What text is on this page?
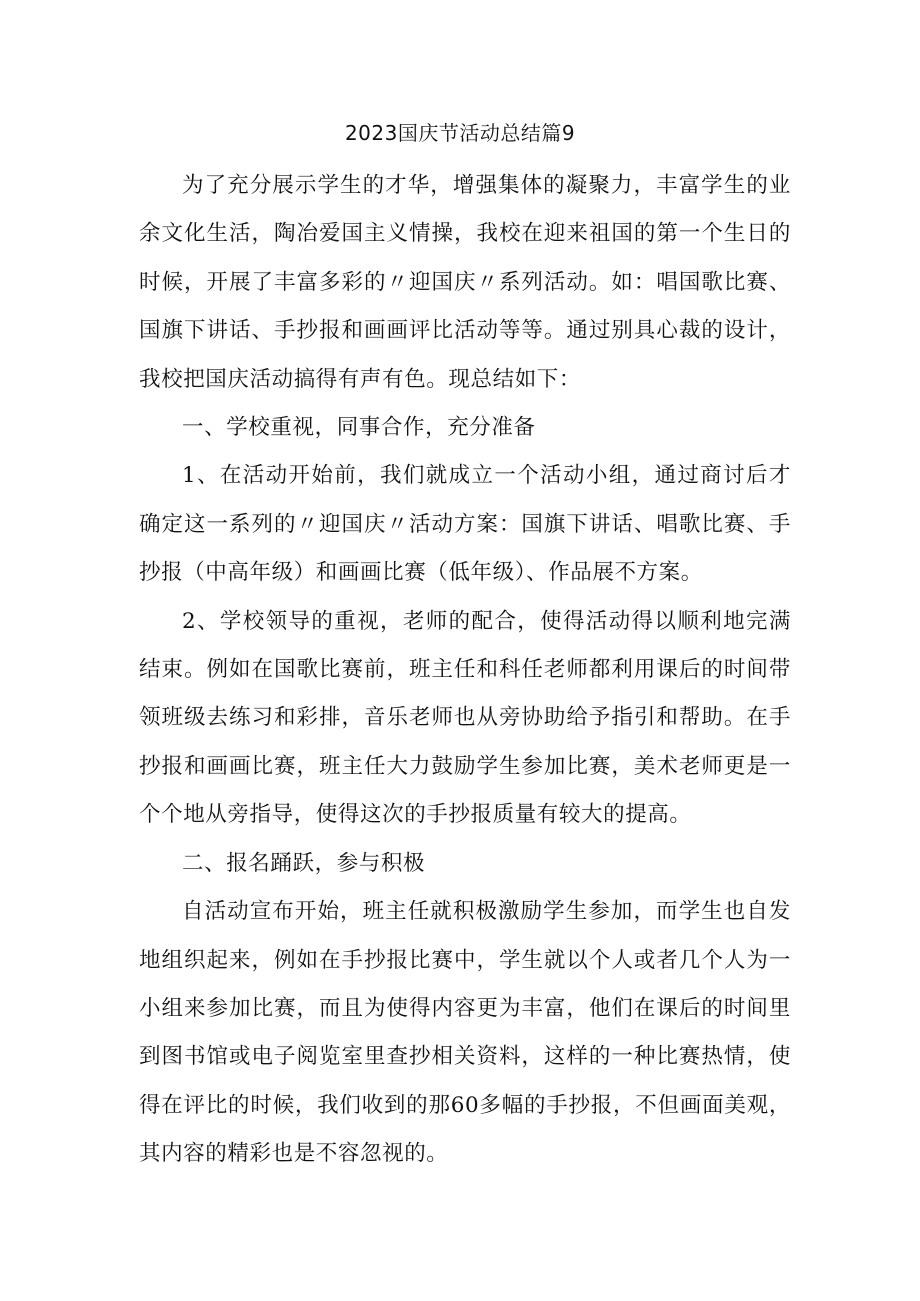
2023国庆节活动总结篇9

为了充分展示学生的才华，增强集体的凝聚力，丰富学生的业余文化生活，陶冶爱国主义情操，我校在迎来祖国的第一个生日的时候，开展了丰富多彩的〃迎国庆〃系列活动。如：唱国歌比赛、国旗下讲话、手抄报和画画评比活动等等。通过别具心裁的设计，我校把国庆活动搞得有声有色。现总结如下：

一、学校重视，同事合作，充分准备

1、在活动开始前，我们就成立一个活动小组，通过商讨后才确定这一系列的〃迎国庆〃活动方案：国旗下讲话、唱歌比赛、手抄报（中高年级）和画画比赛（低年级）、作品展不方案。

2、学校领导的重视，老师的配合，使得活动得以顺利地完满结束。例如在国歌比赛前，班主任和科任老师都利用课后的时间带领班级去练习和彩排，音乐老师也从旁协助给予指引和帮助。在手抄报和画画比赛，班主任大力鼓励学生参加比赛，美术老师更是一个个地从旁指导，使得这次的手抄报质量有较大的提高。

二、报名踊跃，参与积极

自活动宣布开始，班主任就积极激励学生参加，而学生也自发地组织起来，例如在手抄报比赛中，学生就以个人或者几个人为一小组来参加比赛，而且为使得内容更为丰富，他们在课后的时间里到图书馆或电子阅览室里查抄相关资料，这样的一种比赛热情，使得在评比的时候，我们收到的那60多幅的手抄报，不但画面美观，其内容的精彩也是不容忽视的。
